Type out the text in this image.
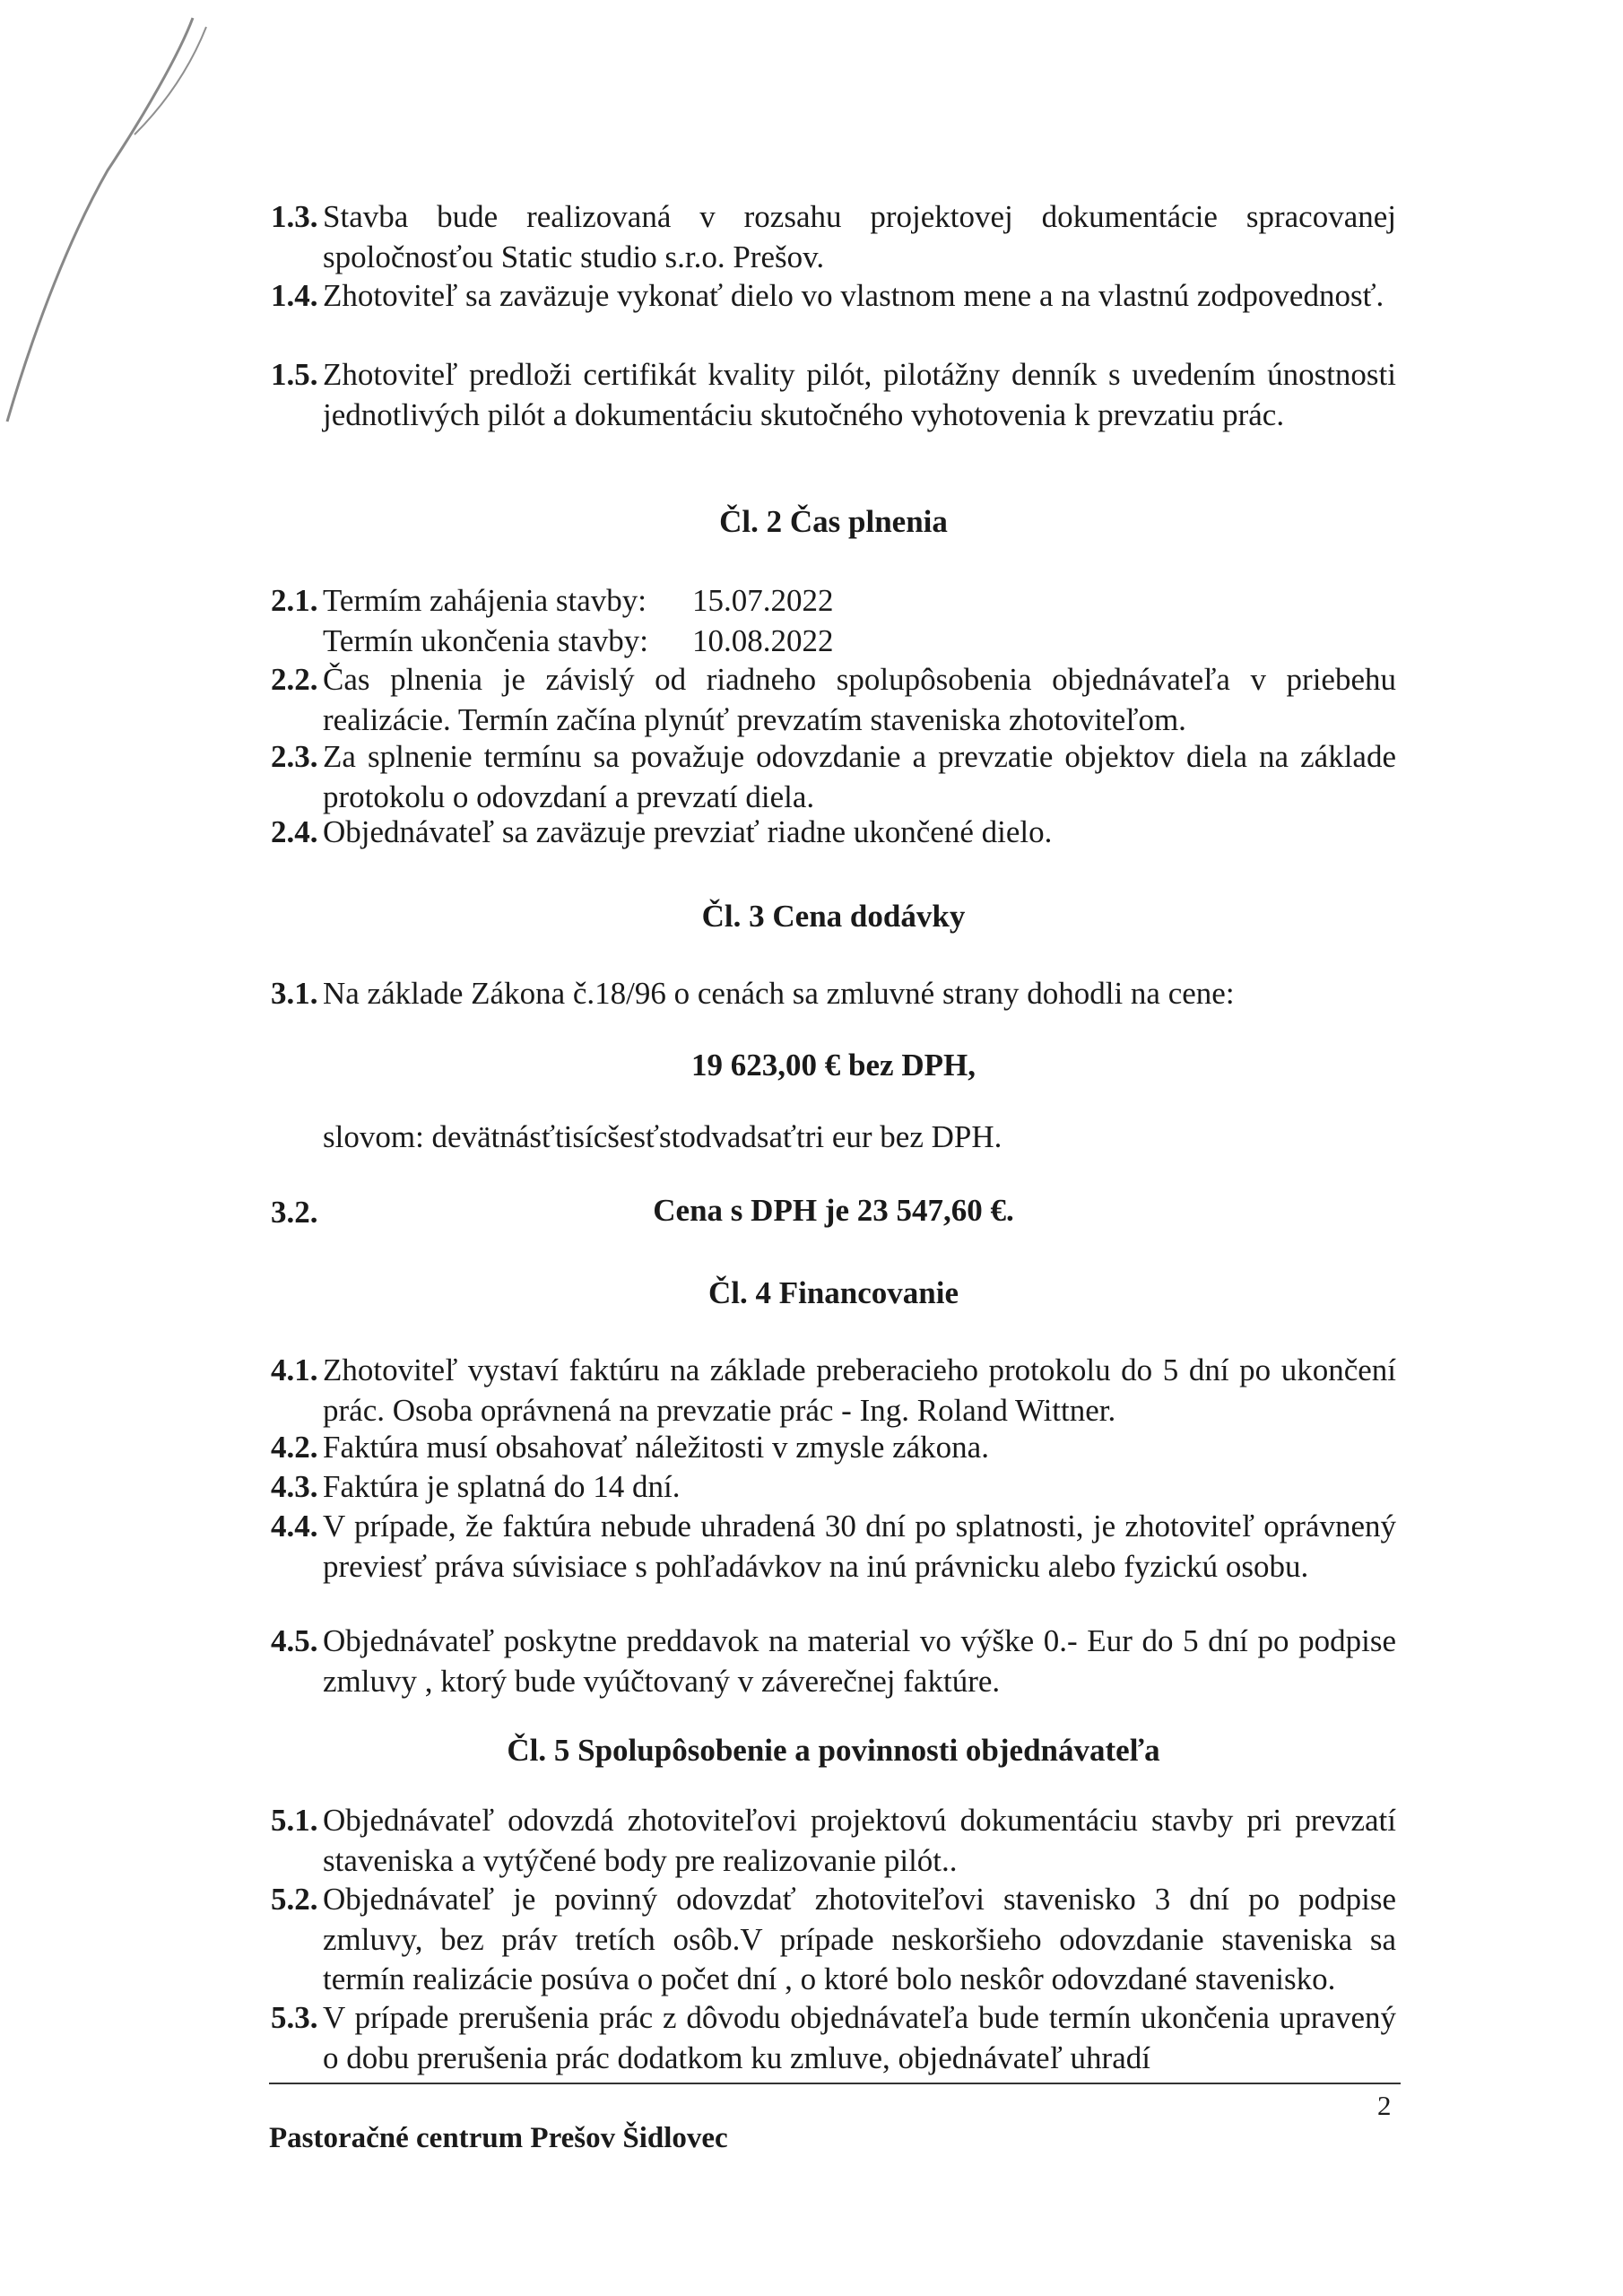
1.3. Stavba bude realizovaná v rozsahu projektovej dokumentácie spracovanej spoločnosťou Static studio s.r.o. Prešov.
1.4. Zhotoviteľ sa zaväzuje vykonať dielo vo vlastnom mene a na vlastnú zodpovednosť.
1.5. Zhotoviteľ predloži certifikát kvality pilót, pilotážny denník s uvedením únostnosti jednotlivých pilót a dokumentáciu skutočného vyhotovenia k prevzatiu prác.
Čl. 2 Čas plnenia
2.1. Termím zahájenia stavby:	15.07.2022
Termín ukončenia stavby:	10.08.2022
2.2. Čas plnenia je závislý od riadneho spolupôsobenia objednávateľa v priebehu realizácie. Termín začína plynúť prevzatím staveniska zhotoviteľom.
2.3. Za splnenie termínu sa považuje odovzdanie a prevzatie objektov diela na základe protokolu o odovzdaní a prevzatí diela.
2.4. Objednávateľ sa zaväzuje prevziať riadne ukončené dielo.
Čl. 3 Cena dodávky
3.1. Na základe Zákona č.18/96 o cenách sa zmluvné strany dohodli na cene:
19 623,00 € bez DPH,
slovom: devätnásťtisícšesťstodvadsaťtri eur bez DPH.
3.2.	Cena s DPH je 23 547,60 €.
Čl. 4 Financovanie
4.1. Zhotoviteľ vystaví faktúru na základe preberacieho protokolu do 5 dní po ukončení prác. Osoba oprávnená na prevzatie prác - Ing. Roland Wittner.
4.2. Faktúra musí obsahovať náležitosti v zmysle zákona.
4.3. Faktúra je splatná do 14 dní.
4.4. V prípade, že faktúra nebude uhradená 30 dní po splatnosti, je zhotoviteľ oprávnený previesť práva súvisiace s pohľadávkov na inú právnicku alebo fyzickú osobu.
4.5. Objednávateľ poskytne preddavok na material vo výške 0.- Eur do 5 dní po podpise zmluvy , ktorý bude vyúčtovaný v záverečnej faktúre.
Čl. 5 Spolupôsobenie a povinnosti objednávateľa
5.1. Objednávateľ odovzdá zhotoviteľovi projektovú dokumentáciu stavby pri prevzatí staveniska a vytýčené body pre realizovanie pilót..
5.2. Objednávateľ je povinný odovzdať zhotoviteľovi stavenisko 3 dní po podpise zmluvy, bez práv tretích osôb.V prípade neskoršieho odovzdanie staveniska sa termín realizácie posúva o počet dní , o ktoré bolo neskôr odovzdané stavenisko.
5.3. V prípade prerušenia prác z dôvodu objednávateľa bude termín ukončenia upravený o dobu prerušenia prác dodatkom ku zmluve, objednávateľ uhradí
2
Pastoračné centrum Prešov Šidlovec
